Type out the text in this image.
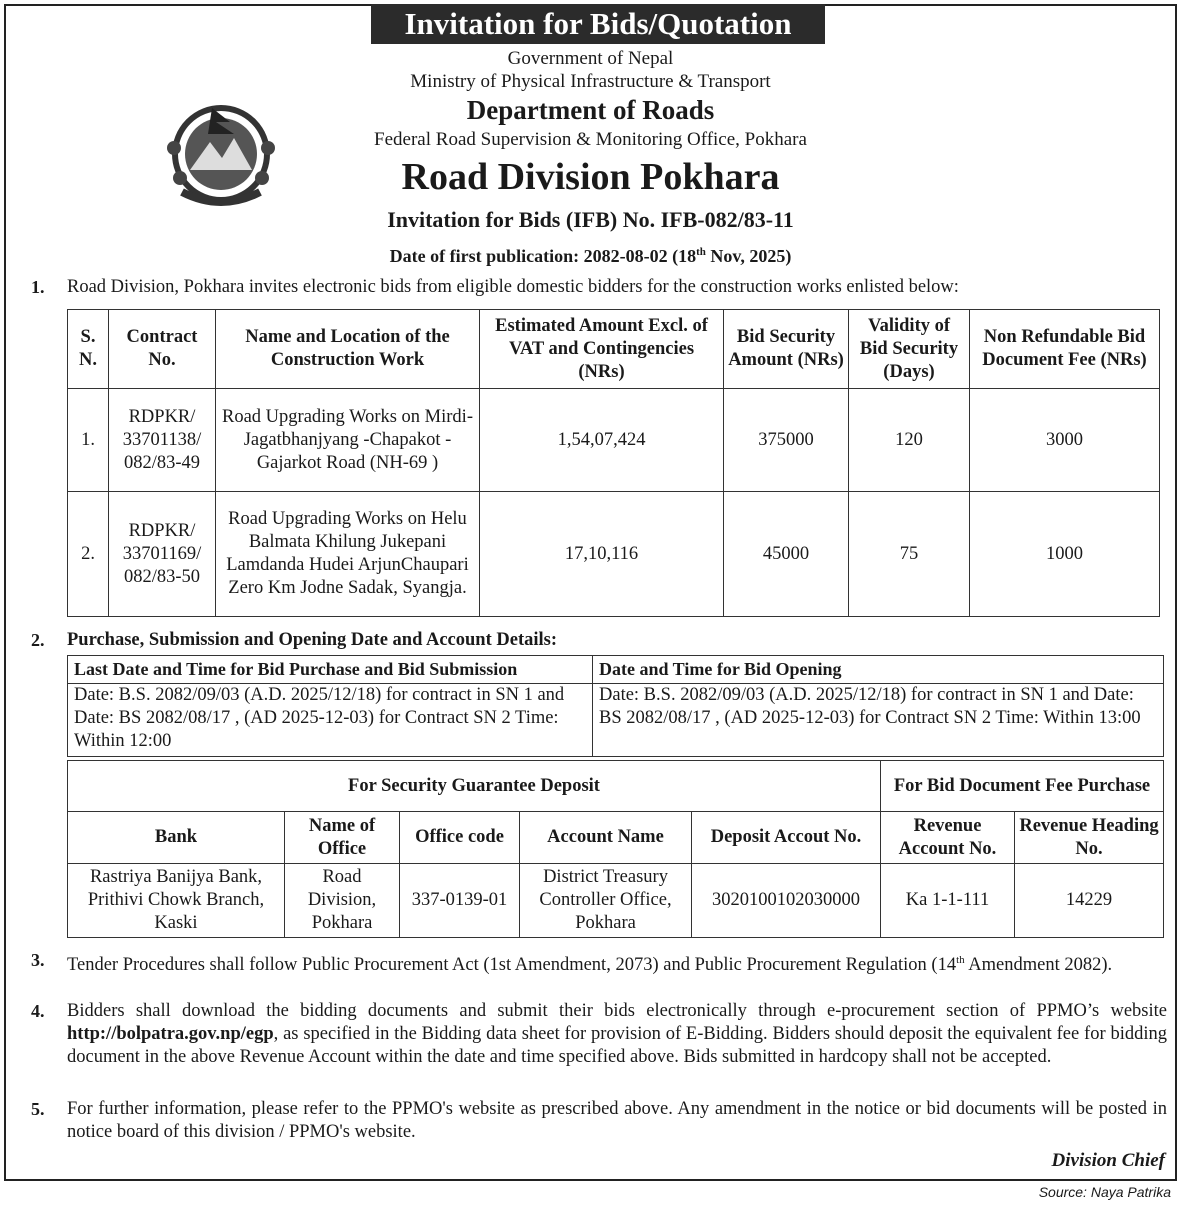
Invitation for Bids/Quotation
Government of Nepal
Ministry of Physical Infrastructure & Transport
Department of Roads
Federal Road Supervision & Monitoring Office, Pokhara
Road Division Pokhara
Invitation for Bids (IFB) No. IFB-082/83-11
Date of first publication: 2082-08-02 (18th Nov, 2025)
1. Road Division, Pokhara invites electronic bids from eligible domestic bidders for the construction works enlisted below:
S. N.	Contract No.	Name and Location of the Construction Work	Estimated Amount Excl. of VAT and Contingencies (NRs)	Bid Security Amount (NRs)	Validity of Bid Security (Days)	Non Refundable Bid Document Fee (NRs)
1.	RDPKR/ 33701138/ 082/83-49	Road Upgrading Works on Mirdi-Jagatbhanjyang -Chapakot -Gajarkot Road (NH-69 )	1,54,07,424	375000	120	3000
2.	RDPKR/ 33701169/ 082/83-50	Road Upgrading Works on Helu Balmata Khilung Jukepani Lamdanda Hudei ArjunChaupari Zero Km Jodne Sadak, Syangja.	17,10,116	45000	75	1000
2. Purchase, Submission and Opening Date and Account Details:
Last Date and Time for Bid Purchase and Bid Submission	Date and Time for Bid Opening
Date: B.S. 2082/09/03 (A.D. 2025/12/18) for contract in SN 1 and Date: BS 2082/08/17 , (AD 2025-12-03) for Contract SN 2 Time: Within 12:00	Date: B.S. 2082/09/03 (A.D. 2025/12/18) for contract in SN 1 and Date: BS 2082/08/17 , (AD 2025-12-03) for Contract SN 2 Time: Within 13:00
For Security Guarantee Deposit					For Bid Document Fee Purchase	
Bank	Name of Office	Office code	Account Name	Deposit Accout No.	Revenue Account No.	Revenue Heading No.
Rastriya Banijya Bank, Prithivi Chowk Branch, Kaski	Road Division, Pokhara	337-0139-01	District Treasury Controller Office, Pokhara	3020100102030000	Ka 1-1-111	14229
3. Tender Procedures shall follow Public Procurement Act (1st Amendment, 2073) and Public Procurement Regulation (14th Amendment 2082).
4. Bidders shall download the bidding documents and submit their bids electronically through e-procurement section of PPMO’s website http://bolpatra.gov.np/egp, as specified in the Bidding data sheet for provision of E-Bidding. Bidders should deposit the equivalent fee for bidding document in the above Revenue Account within the date and time specified above. Bids submitted in hardcopy shall not be accepted.
5. For further information, please refer to the PPMO's website as prescribed above. Any amendment in the notice or bid documents will be posted in notice board of this division / PPMO's website.
Division Chief
Source: Naya Patrika
